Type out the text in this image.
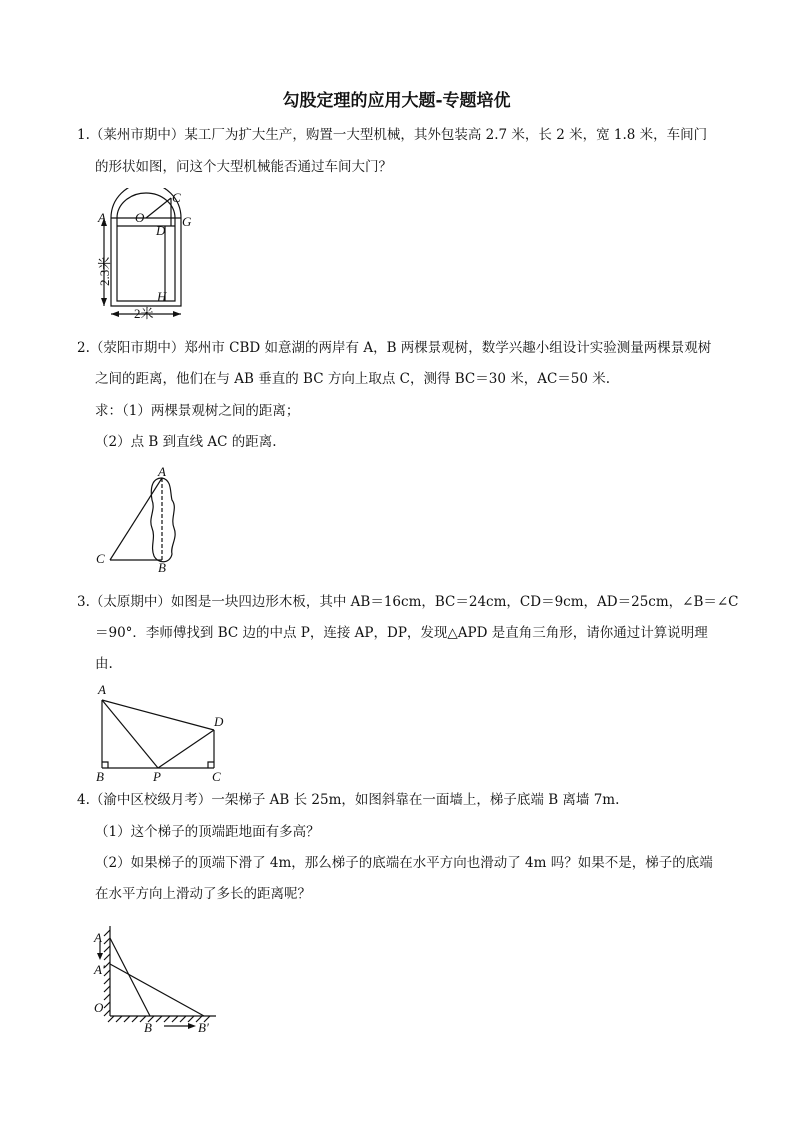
勾股定理的应用大题-专题培优
1.（莱州市期中）某工厂为扩大生产，购置一大型机械，其外包装高 2.7 米，长 2 米，宽 1.8 米，车间门
的形状如图，问这个大型机械能否通过车间大门？
A O
C
D
G
H
2.3米
2米
2.（荥阳市期中）郑州市 CBD 如意湖的两岸有 A，B 两棵景观树，数学兴趣小组设计实验测量两棵景观树
之间的距离，他们在与 AB 垂直的 BC 方向上取点 C，测得 BC＝30 米，AC＝50 米.
求：（1）两棵景观树之间的距离；
（2）点 B 到直线 AC 的距离.
A
B
C
3.（太原期中）如图是一块四边形木板，其中 AB＝16cm，BC＝24cm，CD＝9cm，AD＝25cm，∠B＝∠C
＝90°．李师傅找到 BC 边的中点 P，连接 AP，DP，发现△APD 是直角三角形，请你通过计算说明理
由.
A
B	P	C
D
4.（渝中区校级月考）一架梯子 AB 长 25m，如图斜靠在一面墙上，梯子底端 B 离墙 7m.
（1）这个梯子的顶端距地面有多高？
（2）如果梯子的顶端下滑了 4m，那么梯子的底端在水平方向也滑动了 4m 吗？如果不是，梯子的底端
在水平方向上滑动了多长的距离呢？
A
A′
O
B	B′
